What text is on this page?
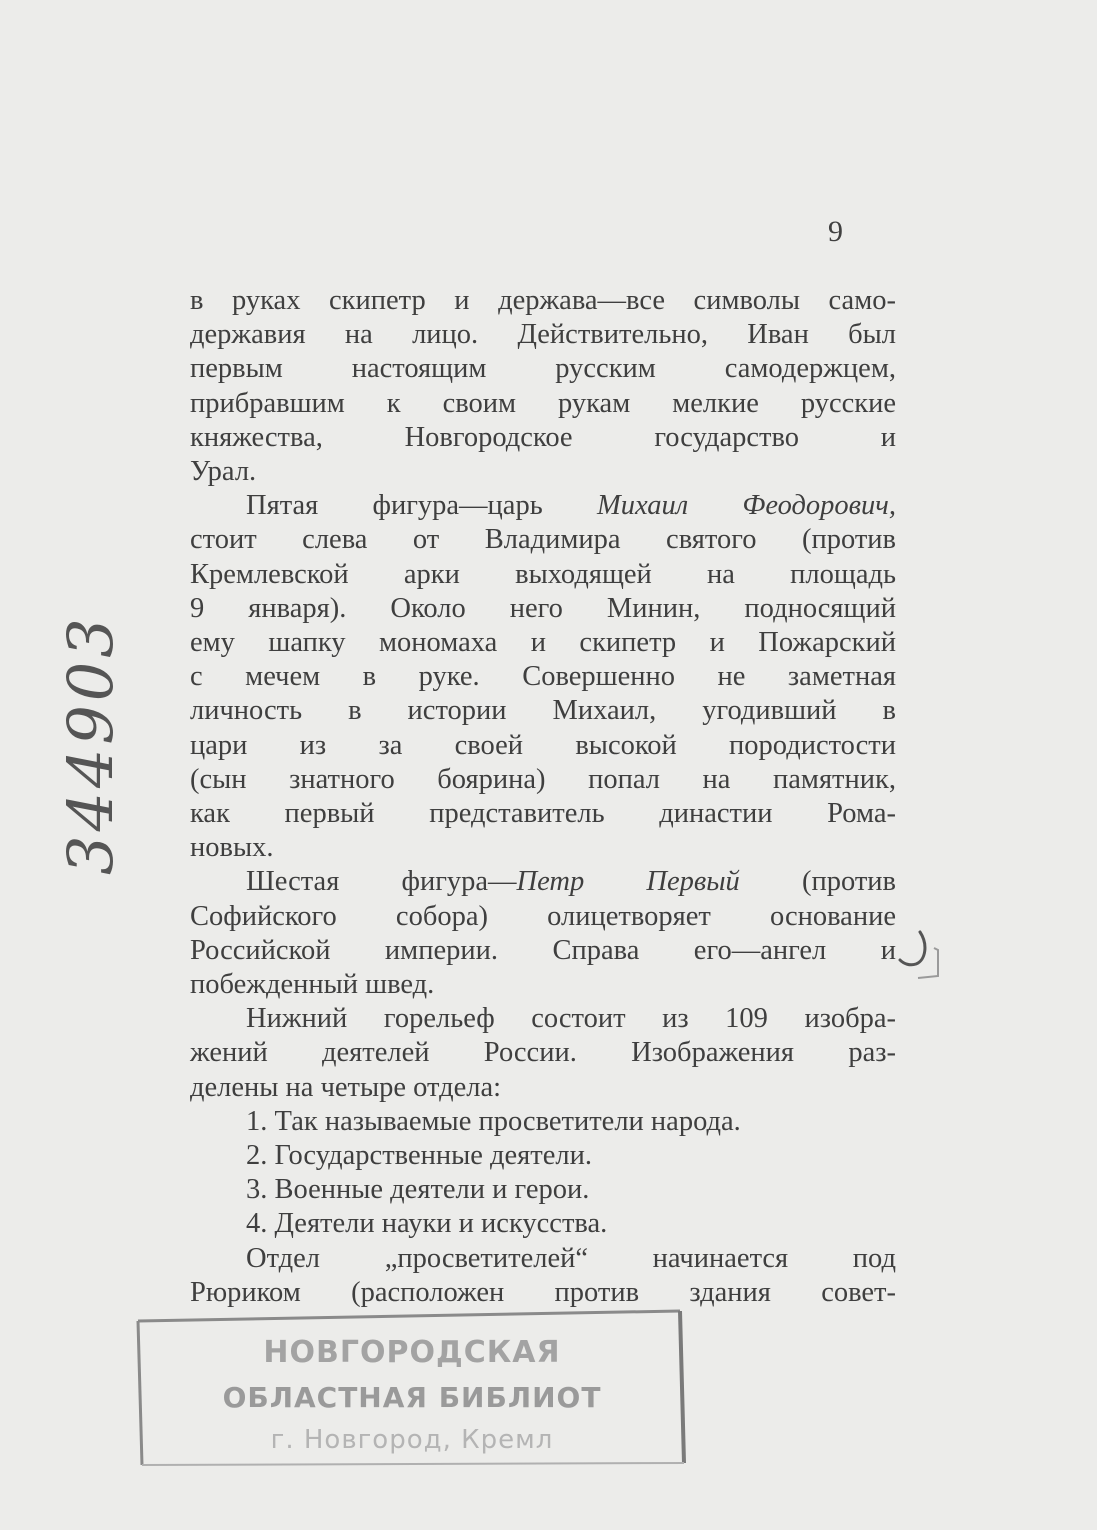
9

в руках скипетр и держава—все символы само-
державия на лицо. Действительно, Иван был
первым настоящим русским самодержцем,
прибравшим к своим рукам мелкие русские
княжества, Новгородское государство и
Урал.

Пятая фигура—царь Михаил Феодорович,
стоит слева от Владимира святого (против
Кремлевской арки выходящей на площадь
9 января). Около него Минин, подносящий
ему шапку мономаха и скипетр и Пожарский
с мечем в руке. Совершенно не заметная
личность в истории Михаил, угодивший в
цари из за своей высокой породистости
(сын знатного боярина) попал на памятник,
как первый представитель династии Рома-
новых.

Шестая фигура—Петр Первый (против
Софийского собора) олицетворяет основание
Российской империи. Справа его—ангел и
побежденный швед.

Нижний горельеф состоит из 109 изобра-
жений деятелей России. Изображения раз-
делены на четыре отдела:

1. Так называемые просветители народа.
2. Государственные деятели.
3. Военные деятели и герои.
4. Деятели науки и искусства.

Отдел „просветителей“ начинается под
Рюриком (расположен против здания совет-

344903
НОВГОРОДСКАЯ
ОБЛАСТНАЯ БИБЛИОТ
г. Новгород, Кремл
